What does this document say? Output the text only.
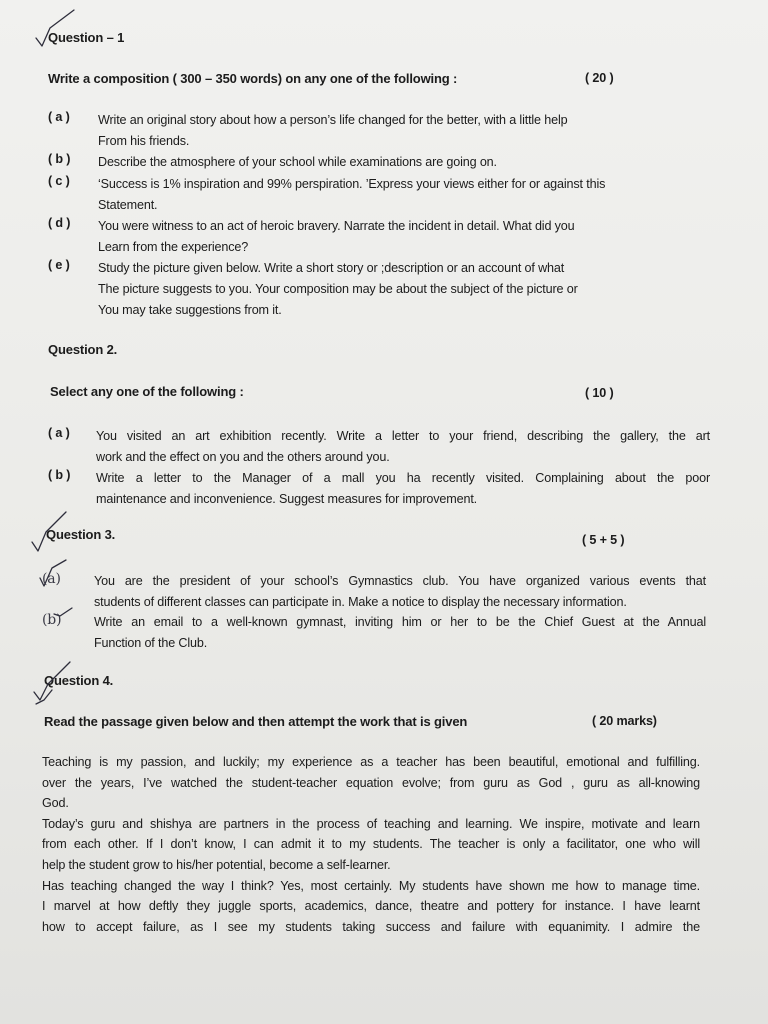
Question – 1
Write a composition ( 300 – 350 words) on any one of the following :	( 20 )
( a ) Write an original story about how a person’s life changed for the better, with a little help
From his friends.
( b ) Describe the atmosphere of your school while examinations are going on.
( c ) ‘Success is 1% inspiration and 99% perspiration. ’Express your views either for or against this
Statement.
( d ) You were witness to an act of heroic bravery. Narrate the incident in detail. What did you
Learn from the experience?
( e ) Study the picture given below. Write a short story or ;description or an account of what
The picture suggests to you. Your composition may be about the subject of the picture or
You may take suggestions from it.
Question 2.
Select any one of the following :	( 10 )
( a ) You visited an art exhibition recently. Write a letter to your friend, describing the gallery, the art
work and the effect on you and the others around you.
( b ) Write a letter to the Manager of a mall you ha recently visited. Complaining about the poor
maintenance and inconvenience. Suggest measures for improvement.
Question 3.	( 5 + 5 )
(a)	You are the president of your school’s Gymnastics club. You have organized various events that
students of different classes can participate in. Make a notice to display the necessary information.
(b)	Write an email to a well-known gymnast, inviting him or her to be the Chief Guest at the Annual
Function of the Club.
Question 4.
Read the passage given below and then attempt the work that is given	( 20 marks)
Teaching is my passion, and luckily; my experience as a teacher has been beautiful, emotional and fulfilling.
over the years, I’ve watched the student-teacher equation evolve; from guru as God , guru as all-knowing
God.
Today’s guru and shishya are partners in the process of teaching and learning. We inspire, motivate and learn
from each other. If I don’t know, I can admit it to my students. The teacher is only a facilitator, one who will
help the student grow to his/her potential, become a self-learner.
Has teaching changed the way I think? Yes, most certainly. My students have shown me how to manage time.
I marvel at how deftly they juggle sports, academics, dance, theatre and pottery for instance. I have learnt
how to accept failure, as I see my students taking success and failure with equanimity. I admire the
